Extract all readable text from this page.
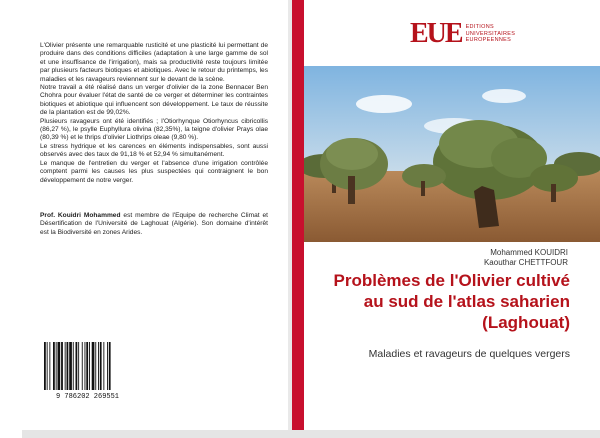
L'Olivier présente une remarquable rusticité et une plasticité lui permettant de produire dans des conditions difficiles (adaptation à une large gamme de sol et une insuffisance de l'irrigation), mais sa productivité reste toujours limitée par plusieurs facteurs biotiques et abiotiques. Avec le retour du printemps, les maladies et les ravageurs reviennent sur le devant de la scène.

Notre travail a été réalisé dans un verger d'olivier de la zone Bennacer Ben Chohra pour évaluer l'état de santé de ce verger et déterminer les contraintes biotiques et abiotique qui influencent son développement. Le taux de réussite de la plantation est de 99,02%.

Plusieurs ravageurs ont été identifiés ; l'Otiorhynque Otiorhyncus cibricollis (86,27 %), le psylle Euphyllura olivina (82,35%), la teigne d'olivier Prays olae (80,39 %) et le thrips d'olivier Liothrips oleae (9,80 %).

Le stress hydrique et les carences en éléments indispensables, sont aussi observés avec des taux de 91,18 % et 52,94 % simultanément.

Le manque de l'entretien du verger et l'absence d'une irrigation contrôlée comptent parmi les causes les plus suspectées qui contraignent le bon développement de notre verger.

Prof. Kouidri Mohammed est membre de l'Equipe de recherche Climat et Désertification de l'Université de Laghouat (Algérie). Son domaine d'intérêt est la Biodiversité en zones Arides.
9 786202 269551
EUE EDITIONS
UNIVERSITAIRES
EUROPEENNES
Mohammed KOUIDRI
Kaouthar CHETTFOUR
Problèmes de l'Olivier cultivé au sud de l'atlas saharien (Laghouat)
Maladies et ravageurs de quelques vergers
